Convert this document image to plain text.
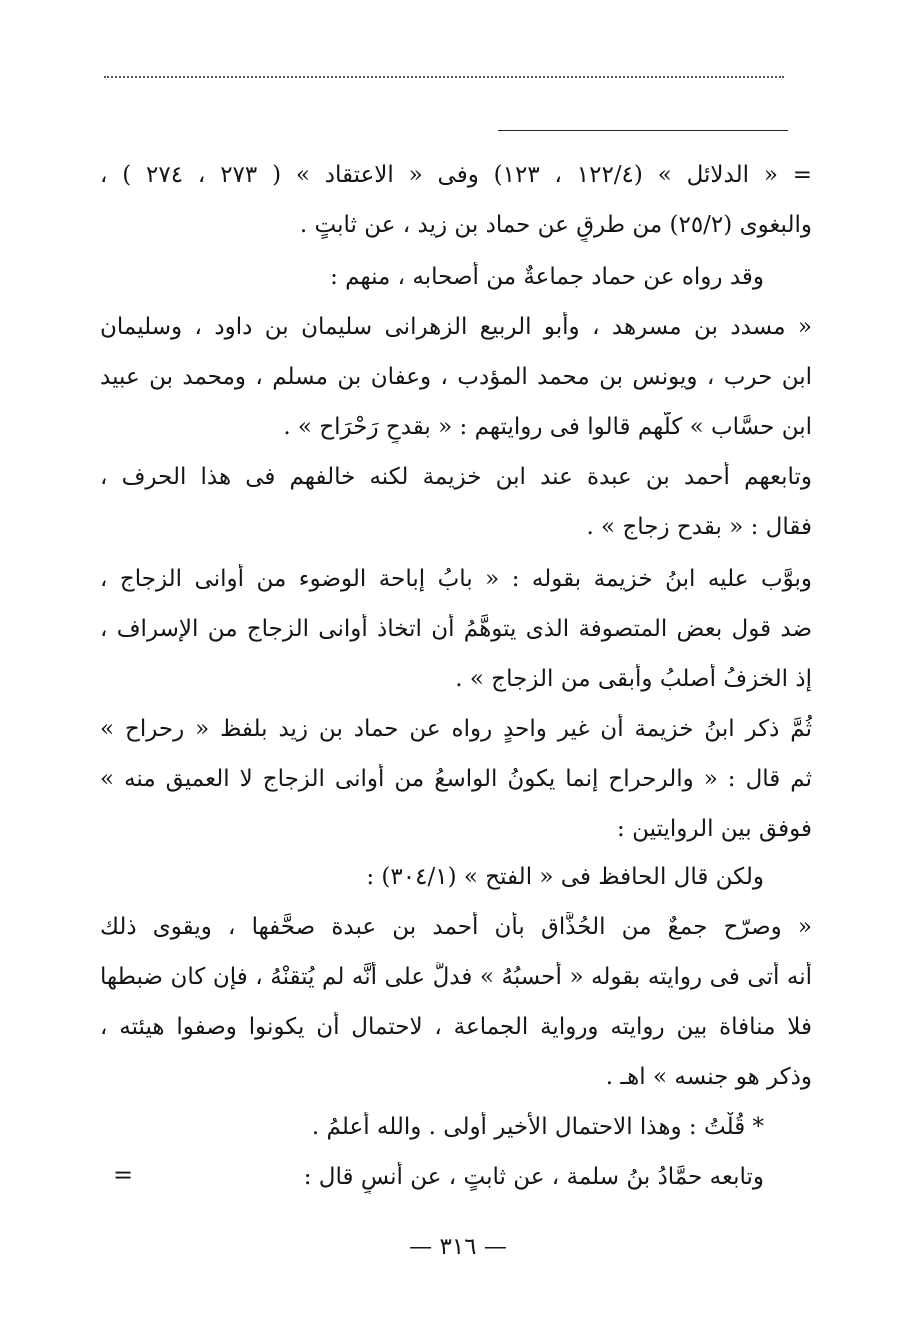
= « الدلائل » (١٢٢/٤ ، ١٢٣) وفى « الاعتقاد » ( ٢٧٣ ، ٢٧٤ ) ،
والبغوى (٢٥/٢) من طرقٍ عن حماد بن زيد ، عن ثابتٍ .
وقد رواه عن حماد جماعةٌ من أصحابه ، منهم :
« مسدد بن مسرهد ، وأبو الربيع الزهرانى سليمان بن داود ، وسليمان
ابن حرب ، ويونس بن محمد المؤدب ، وعفان بن مسلم ، ومحمد بن عبيد
ابن حسَّاب » كلُّهم قالوا فى روايتهم : « بقدحٍ رَحْرَاح » .
وتابعهم أحمد بن عبدة عند ابن خزيمة لكنه خالفهم فى هذا الحرف ،
فقال : « بقدح زجاج » .
وبوَّب عليه ابنُ خزيمة بقوله : « بابُ إباحة الوضوء من أوانى الزجاج ،
ضد قول بعض المتصوفة الذى يتوهَّمُ أن اتخاذ أوانى الزجاج من الإسراف ،
إذ الخزفُ أصلبُ وأبقى من الزجاج » .
ثُمَّ ذكر ابنُ خزيمة أن غير واحدٍ رواه عن حماد بن زيد بلفظ « رحراح »
ثم قال : « والرحراح إنما يكونُ الواسعُ من أوانى الزجاج لا العميق منه »
فوفق بين الروايتين :
ولكن قال الحافظ فى « الفتح » (٣٠٤/١) :
« وصرّح جمعٌ من الحُذَّاق بأن أحمد بن عبدة صحَّفها ، ويقوى ذلك
أنه أتى فى روايته بقوله « أحسبُهُ » فدلَّ على أنَّه لم يُتقنْهُ ، فإن كان ضبطها
فلا منافاة بين روايته ورواية الجماعة ، لاحتمال أن يكونوا وصفوا هيئته ،
وذكر هو جنسه » اهـ .
* قُلْتُ : وهذا الاحتمال الأخير أولى . والله أعلمُ .
وتابعه حمَّادُ بنُ سلمة ، عن ثابتٍ ، عن أنسٍ قال :
=
— ٣١٦ —
